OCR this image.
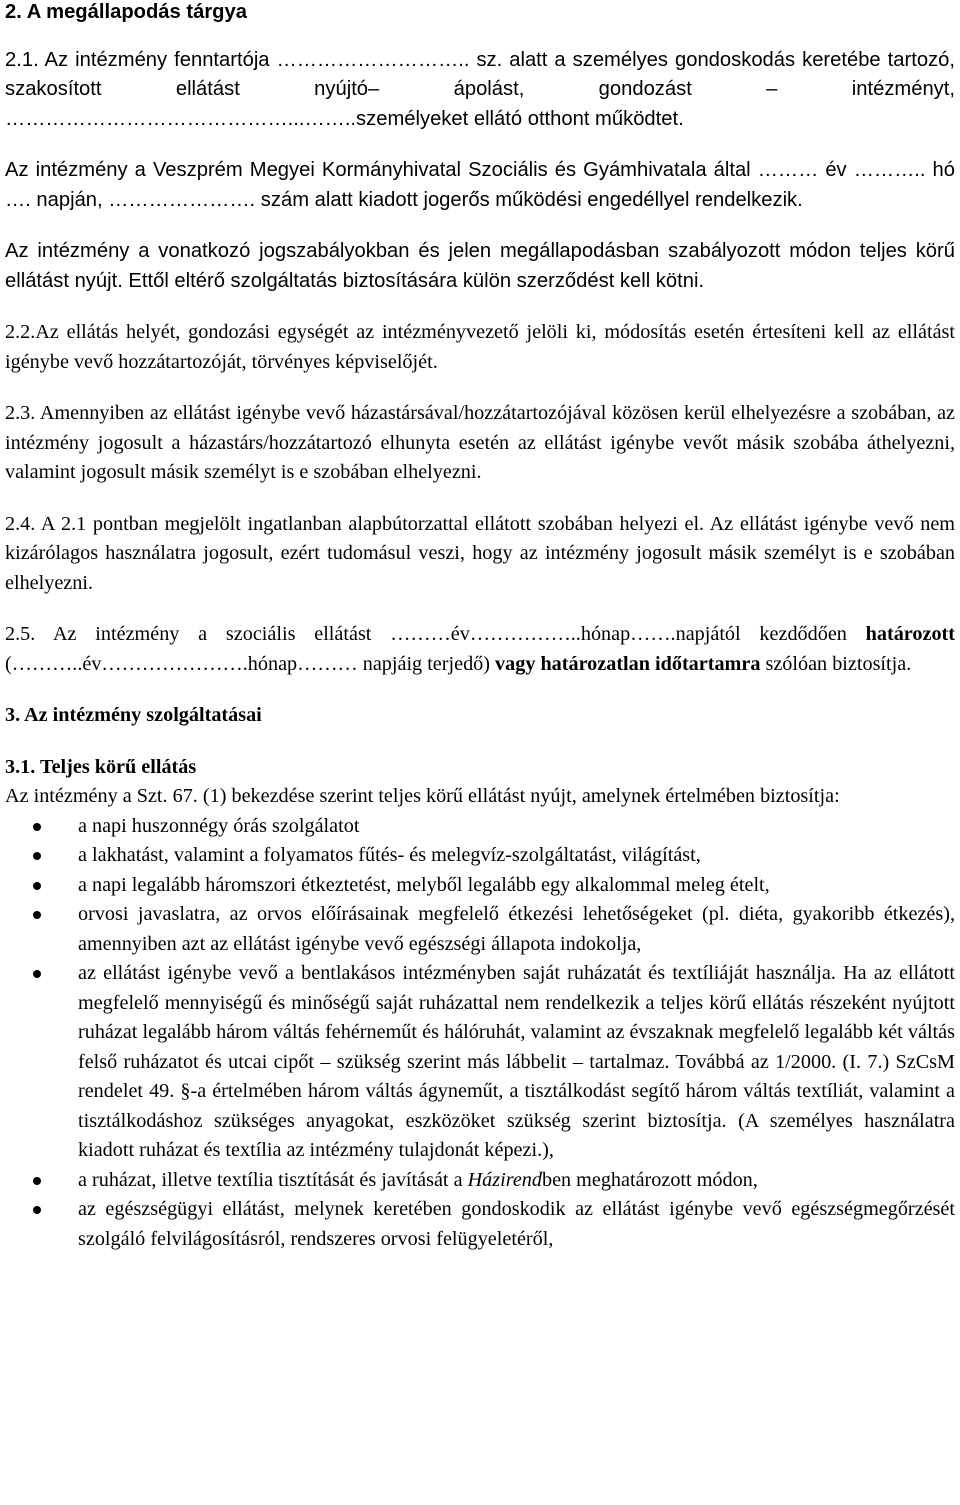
2. A megállapodás tárgya

2.1. Az intézmény fenntartója ……………………….. sz. alatt a személyes gondoskodás keretébe tartozó, szakosított ellátást nyújtó– ápolást, gondozást – intézményt, ……………………………………...……..személyeket ellátó otthont működtet.

Az intézmény a Veszprém Megyei Kormányhivatal Szociális és Gyámhivatala által ……… év ……….. hó …. napján, …………………. szám alatt kiadott jogerős működési engedéllyel rendelkezik.

Az intézmény a vonatkozó jogszabályokban és jelen megállapodásban szabályozott módon teljes körű ellátást nyújt. Ettől eltérő szolgáltatás biztosítására külön szerződést kell kötni.

2.2.Az ellátás helyét, gondozási egységét az intézményvezető jelöli ki, módosítás esetén értesíteni kell az ellátást igénybe vevő hozzátartozóját, törvényes képviselőjét.

2.3. Amennyiben az ellátást igénybe vevő házastársával/hozzátartozójával közösen kerül elhelyezésre a szobában, az intézmény jogosult a házastárs/hozzátartozó elhunyta esetén az ellátást igénybe vevőt másik szobába áthelyezni, valamint jogosult másik személyt is e szobában elhelyezni.

2.4. A 2.1 pontban megjelölt ingatlanban alapbútorzattal ellátott szobában helyezi el. Az ellátást igénybe vevő nem kizárólagos használatra jogosult, ezért tudomásul veszi, hogy az intézmény jogosult másik személyt is e szobában elhelyezni.

2.5. Az intézmény a szociális ellátást ………év……………..hónap…….napjától kezdődően határozott (………..év………………….hónap……… napjáig terjedő) vagy határozatlan időtartamra szólóan biztosítja.

3. Az intézmény szolgáltatásai

3.1. Teljes körű ellátás

Az intézmény a Szt. 67. (1) bekezdése szerint teljes körű ellátást nyújt, amelynek értelmében biztosítja:

a napi huszonnégy órás szolgálatot
a lakhatást, valamint a folyamatos fűtés- és melegvíz-szolgáltatást, világítást,
a napi legalább háromszori étkeztetést, melyből legalább egy alkalommal meleg ételt,
orvosi javaslatra, az orvos előírásainak megfelelő étkezési lehetőségeket (pl. diéta, gyakoribb étkezés), amennyiben azt az ellátást igénybe vevő egészségi állapota indokolja,
az ellátást igénybe vevő a bentlakásos intézményben saját ruházatát és textíliáját használja. Ha az ellátott megfelelő mennyiségű és minőségű saját ruházattal nem rendelkezik a teljes körű ellátás részeként nyújtott ruházat legalább három váltás fehérneműt és hálóruhát, valamint az évszaknak megfelelő legalább két váltás felső ruházatot és utcai cipőt – szükség szerint más lábbelit – tartalmaz. Továbbá az 1/2000. (I. 7.) SzCsM rendelet 49. §-a értelmében három váltás ágyneműt, a tisztálkodást segítő három váltás textíliát, valamint a tisztálkodáshoz szükséges anyagokat, eszközöket szükség szerint biztosítja. (A személyes használatra kiadott ruházat és textília az intézmény tulajdonát képezi.),
a ruházat, illetve textília tisztítását és javítását a Házirendben meghatározott módon,
az egészségügyi ellátást, melynek keretében gondoskodik az ellátást igénybe vevő egészségmegőrzését szolgáló felvilágosításról, rendszeres orvosi felügyeletéről,
